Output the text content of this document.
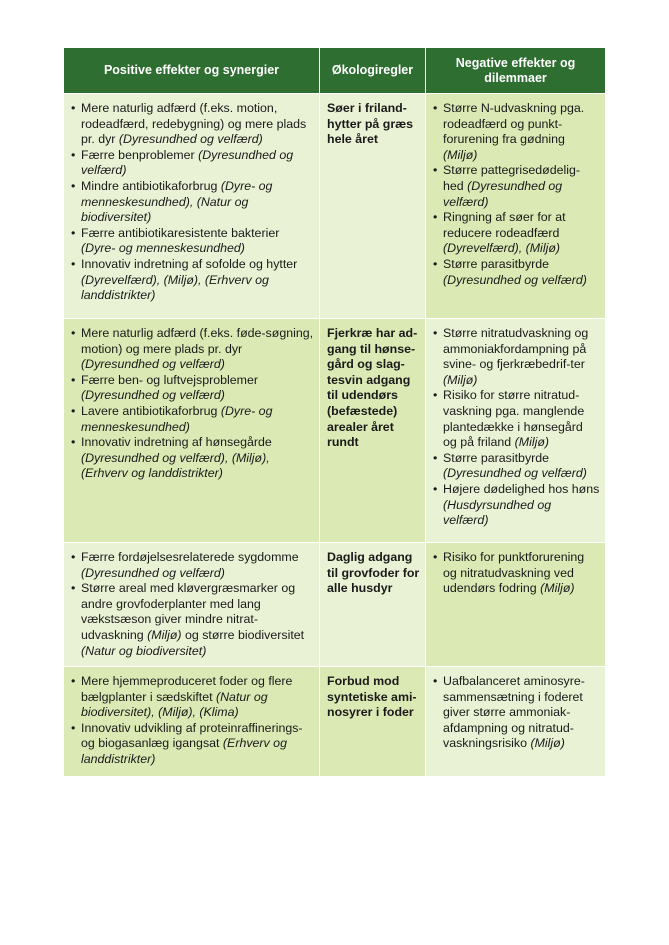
Positive effekter og synergier	Økologiregler
Negative effekter og dilemmaer
• Mere naturlig adfærd (f.eks. motion, rodeadfærd, redebygning) og mere plads pr. dyr (Dyresundhed og velfærd)
• Færre benproblemer (Dyresundhed og velfærd)
• Mindre antibiotikaforbrug (Dyre- og menneskesundhed), (Natur og biodiversitet)
• Færre antibiotikaresistente bakterier (Dyre- og menneskesundhed)
• Innovativ indretning af sofolde og hytter (Dyrevelfærd), (Miljø), (Erhverv og landdistrikter)
Søer i friland-hytter på græs hele året
• Større N-udvaskning pga. rodeadfærd og punkt-forurening fra gødning (Miljø)
• Større pattegrisedødelig-hed (Dyresundhed og velfærd)
• Ringning af søer for at reducere rodeadfærd (Dyrevelfærd), (Miljø)
• Større parasitbyrde (Dyresundhed og velfærd)
• Mere naturlig adfærd (f.eks. føde-søgning, motion) og mere plads pr. dyr (Dyresundhed og velfærd)
• Færre ben- og luftvejsproblemer (Dyresundhed og velfærd)
• Lavere antibiotikaforbrug (Dyre- og menneskesundhed)
• Innovativ indretning af hønsegårde (Dyresundhed og velfærd), (Miljø), (Erhverv og landdistrikter)
Fjerkræ har ad-gang til hønse-gård og slag-tesvin adgang til udendørs (befæstede) arealer året rundt
• Større nitratudvaskning og ammoniakfordampning på svine- og fjerkræbedrif-ter (Miljø)
• Risiko for større nitratud-vaskning pga. manglende plantedække i hønsegård og på friland (Miljø)
• Større parasitbyrde (Dyresundhed og velfærd)
• Højere dødelighed hos høns (Husdyrsundhed og velfærd)
• Færre fordøjelsesrelaterede sygdomme (Dyresundhed og velfærd)
• Større areal med kløvergræsmarker og andre grovfoderplanter med lang vækstsæson giver mindre nitrat-udvaskning (Miljø) og større biodiversitet (Natur og biodiversitet)
Daglig adgang til grovfoder for alle husdyr
• Risiko for punktforurening og nitratudvaskning ved udendørs fodring (Miljø)
• Mere hjemmeproduceret foder og flere bælgplanter i sædskiftet (Natur og biodiversitet), (Miljø), (Klima)
• Innovativ udvikling af proteinraffinerings-og biogasanlæg igangsat (Erhverv og landdistrikter)
Forbud mod syntetiske ami-nosyrer i foder
• Uafbalanceret aminosyre-sammensætning i foderet giver større ammoniak-afdampning og nitratud-vaskningsrisiko (Miljø)
